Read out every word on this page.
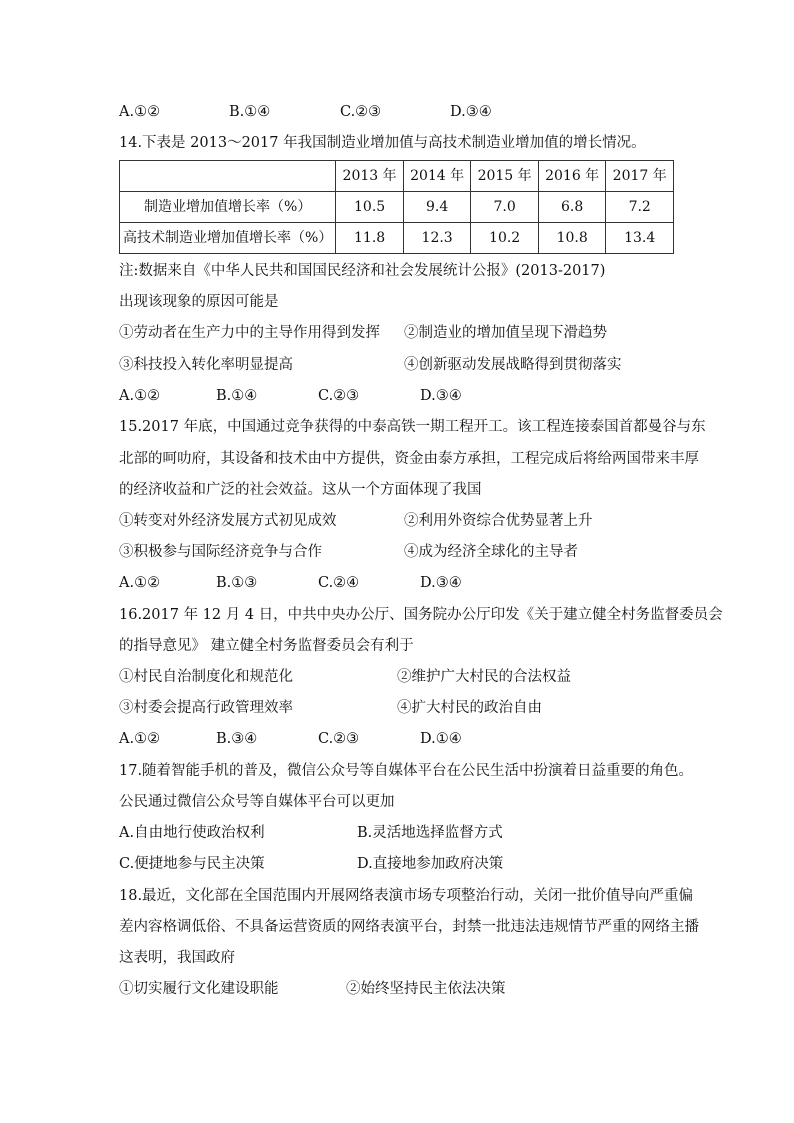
A.①②	B.①④	C.②③	D.③④
14.下表是 2013～2017 年我国制造业增加值与高技术制造业增加值的增长情况。
	2013 年	2014 年	2015 年	2016 年	2017 年
制造业增加值增长率（%）	10.5	9.4	7.0	6.8	7.2
高技术制造业增加值增长率（%）	11.8	12.3	10.2	10.8	13.4
注:数据来自《中华人民共和国国民经济和社会发展统计公报》(2013-2017)
出现该现象的原因可能是
①劳动者在生产力中的主导作用得到发挥 ②制造业的增加值呈现下滑趋势
③科技投入转化率明显提高	④创新驱动发展战略得到贯彻落实
A.①②	B.①④	C.②③	D.③④
15.2017 年底，中国通过竞争获得的中泰高铁一期工程开工。该工程连接泰国首都曼谷与东
北部的呵叻府，其设备和技术由中方提供，资金由泰方承担，工程完成后将给两国带来丰厚
的经济收益和广泛的社会效益。这从一个方面体现了我国
①转变对外经济发展方式初见成效	②利用外资综合优势显著上升
③积极参与国际经济竞争与合作	④成为经济全球化的主导者
A.①②	B.①③	C.②④	D.③④
16.2017 年 12 月 4 日，中共中央办公厅、国务院办公厅印发《关于建立健全村务监督委员会
的指导意见》 建立健全村务监督委员会有利于
①村民自治制度化和规范化	②维护广大村民的合法权益
③村委会提高行政管理效率	④扩大村民的政治自由
A.①②	B.③④	C.②③	D.①④
17.随着智能手机的普及，微信公众号等自媒体平台在公民生活中扮演着日益重要的角色。
公民通过微信公众号等自媒体平台可以更加
A.自由地行使政治权利	B.灵活地选择监督方式
C.便捷地参与民主决策	D.直接地参加政府决策
18.最近，文化部在全国范围内开展网络表演市场专项整治行动，关闭一批价值导向严重偏
差内容格调低俗、不具备运营资质的网络表演平台，封禁一批违法违规情节严重的网络主播
这表明，我国政府
①切实履行文化建设职能	②始终坚持民主依法决策
